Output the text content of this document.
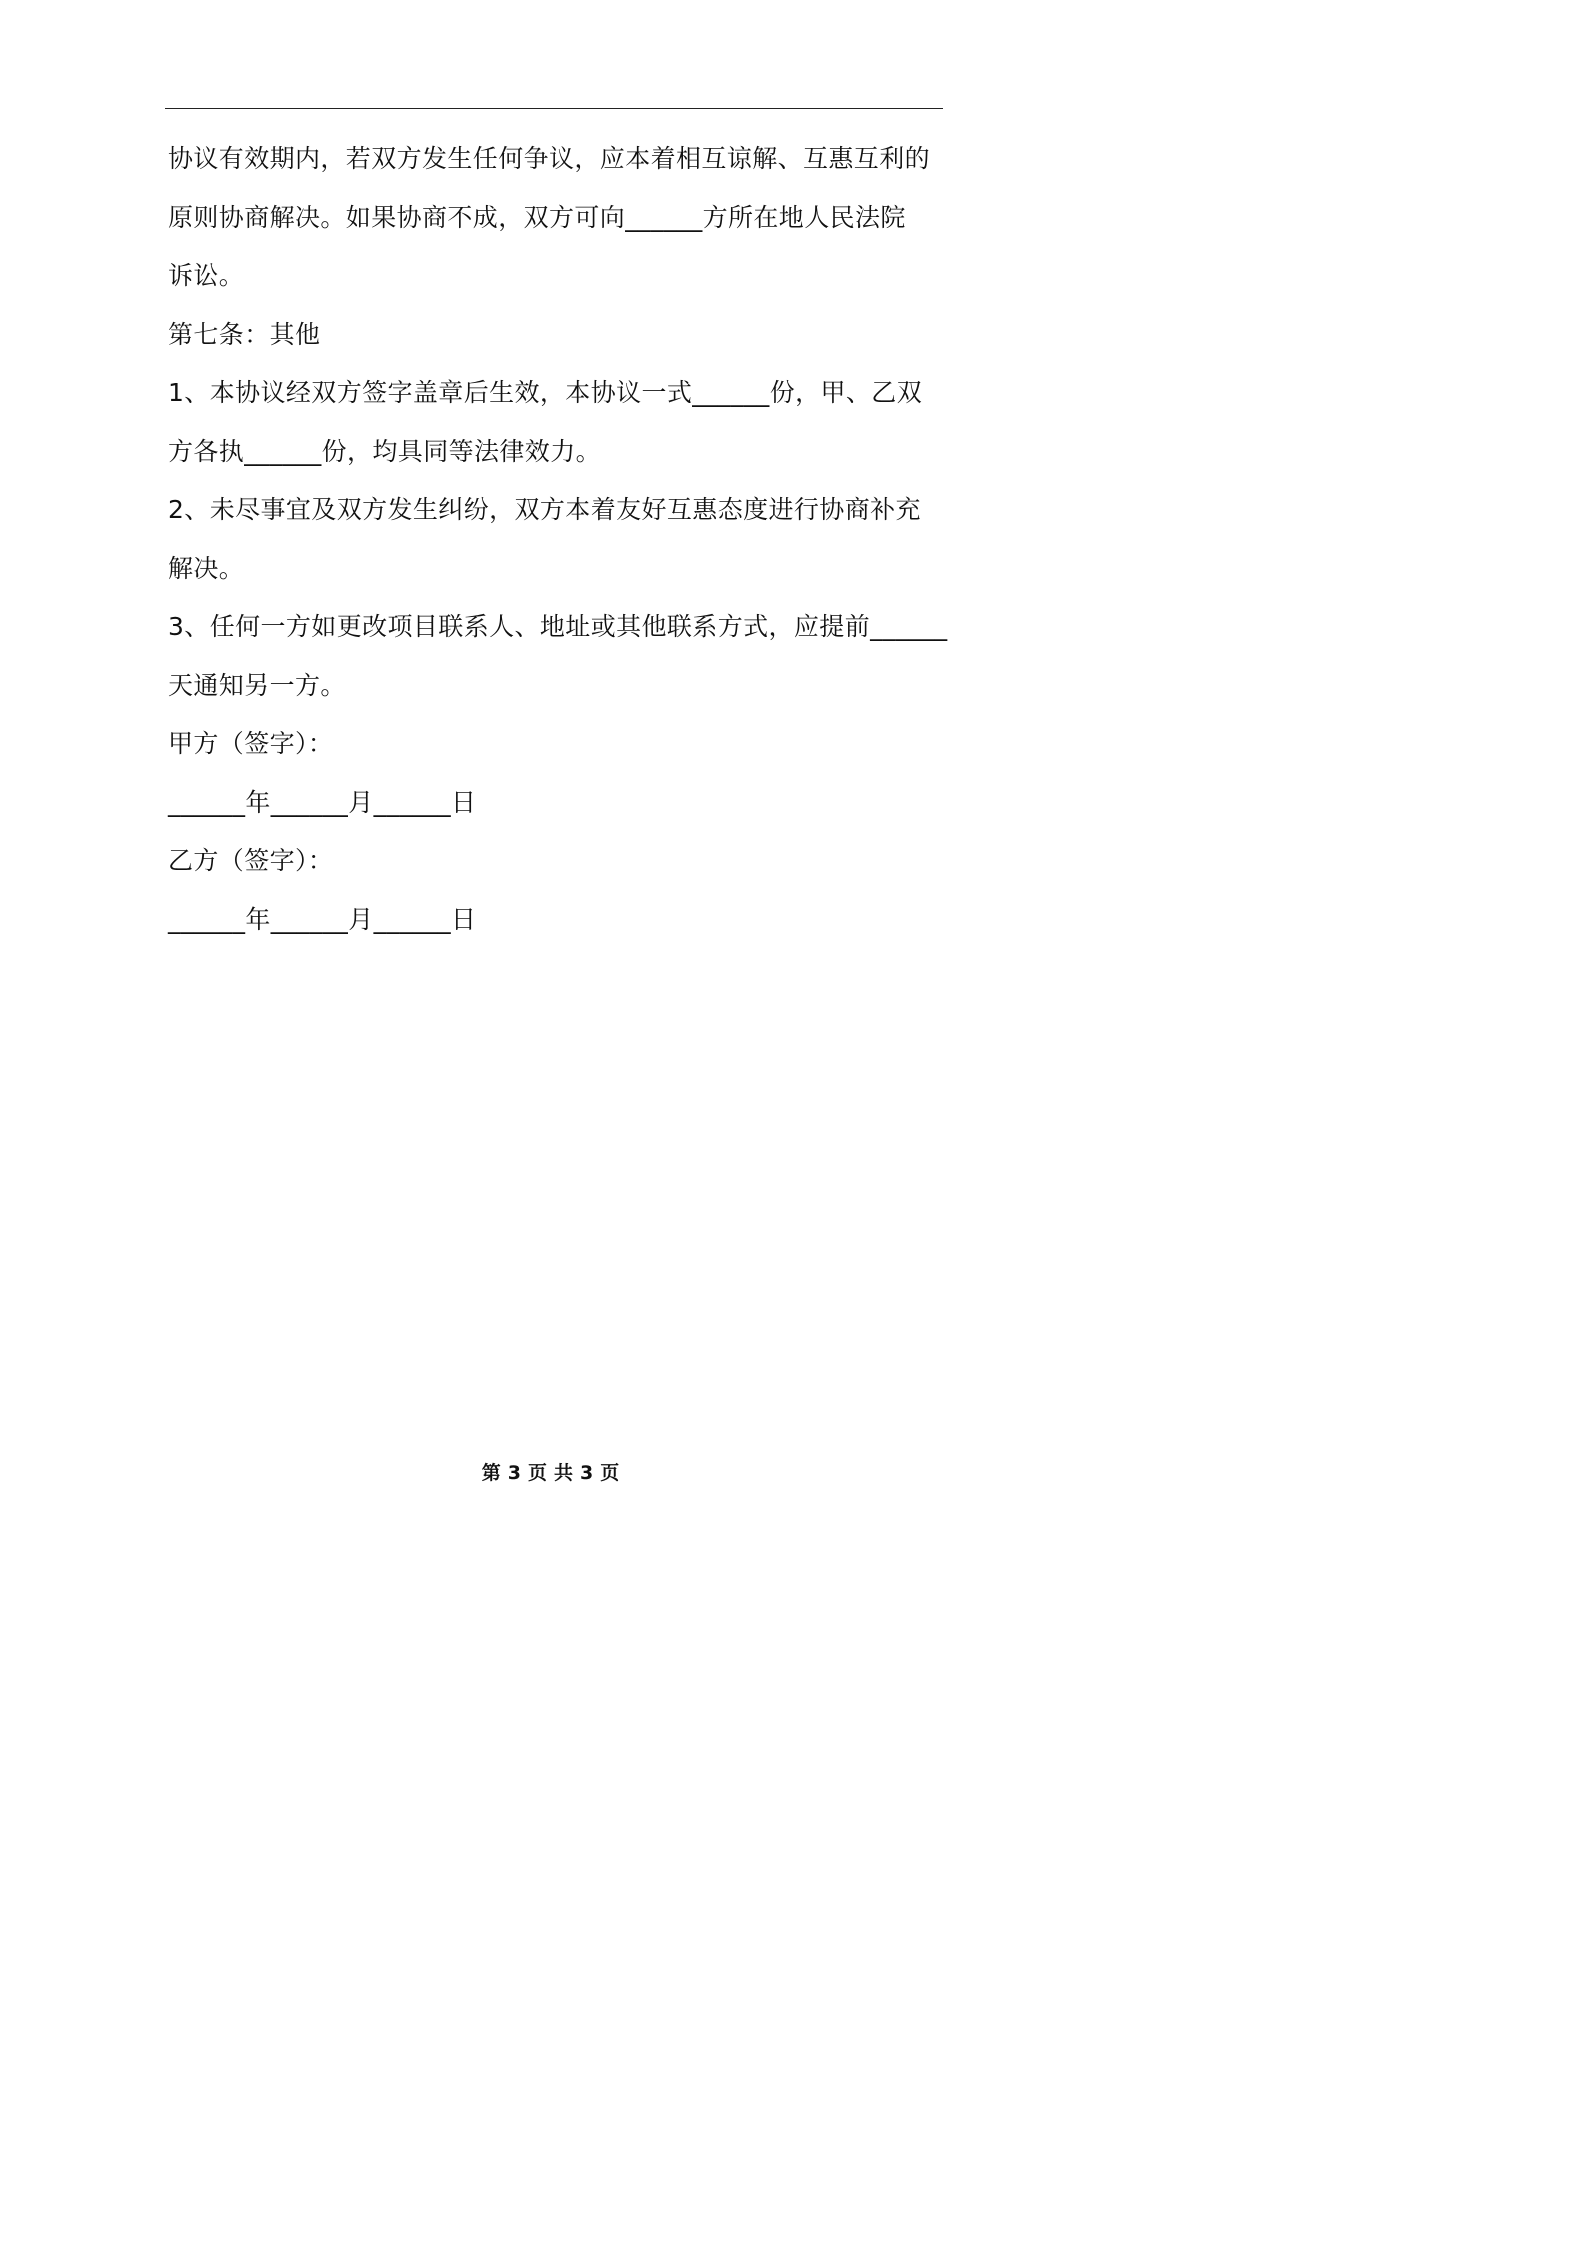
协议有效期内，若双方发生任何争议，应本着相互谅解、互惠互利的

原则协商解决。如果协商不成，双方可向______方所在地人民法院

诉讼。

第七条：其他

1、本协议经双方签字盖章后生效，本协议一式______份，甲、乙双

方各执______份，均具同等法律效力。

2、未尽事宜及双方发生纠纷，双方本着友好互惠态度进行协商补充

解决。

3、任何一方如更改项目联系人、地址或其他联系方式，应提前______

天通知另一方。

甲方（签字）：

______年______月______日

乙方（签字）：

______年______月______日

第 3 页 共 3 页
